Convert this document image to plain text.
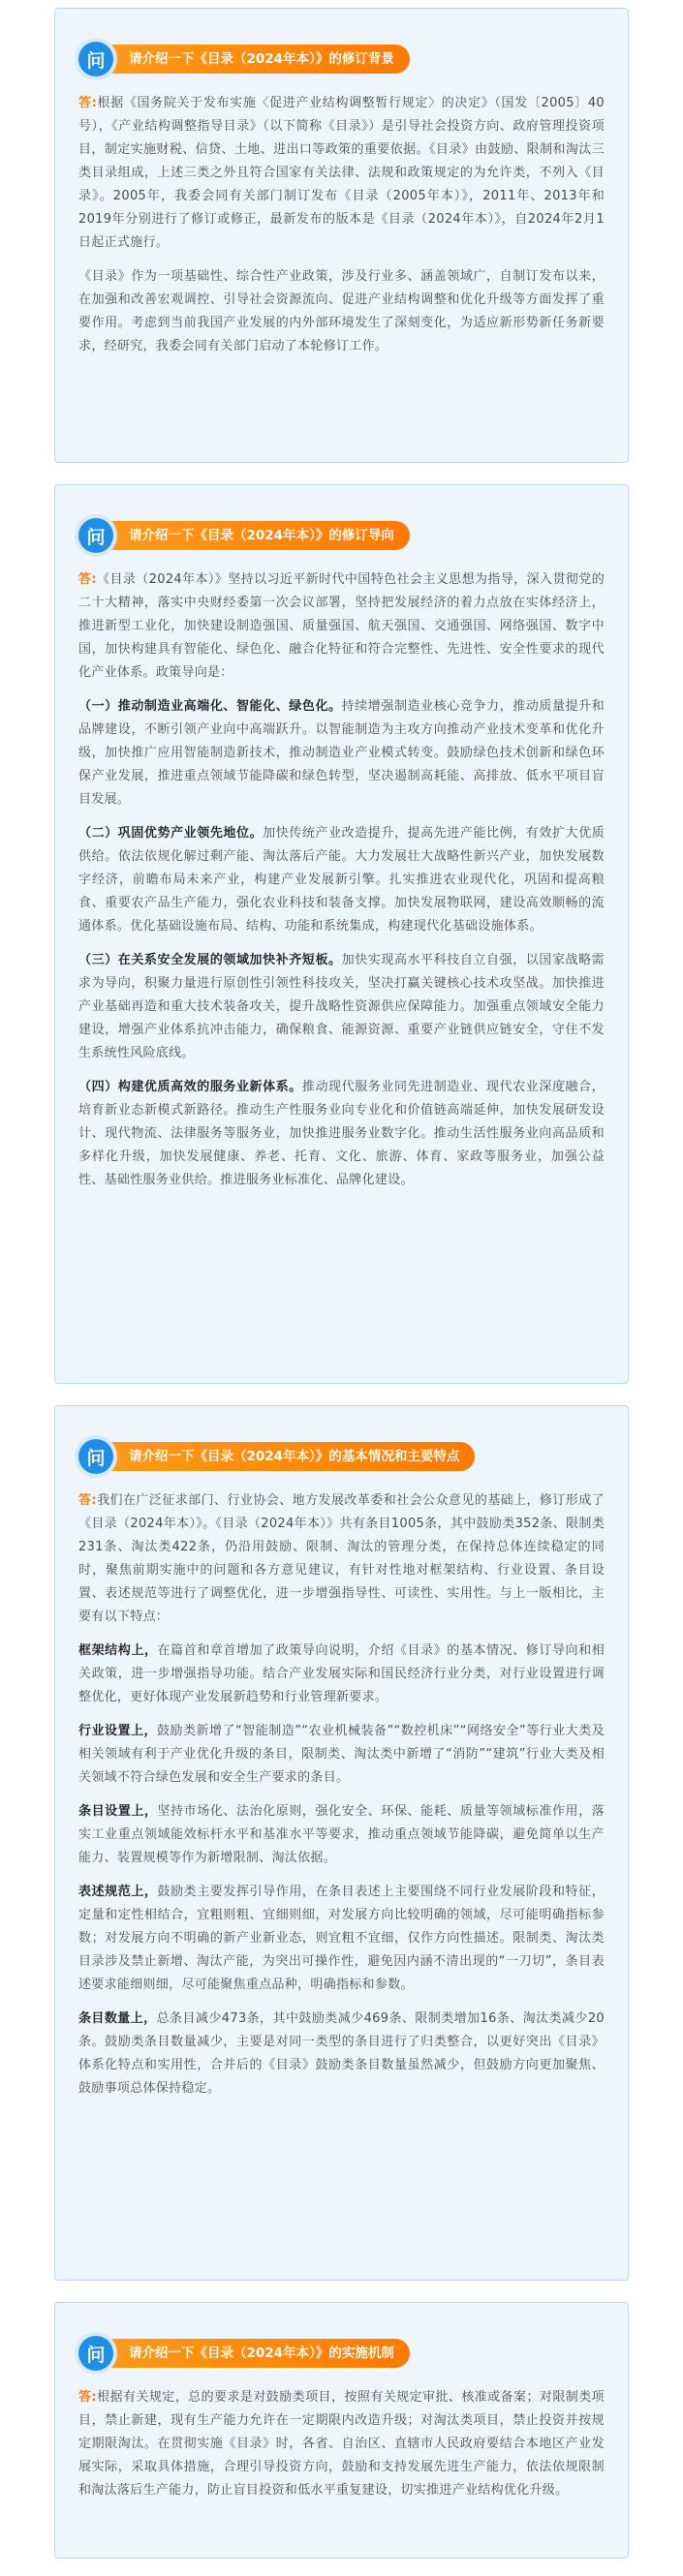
问	请介绍一下《目录（2024年本）》的修订背景

答:根据《国务院关于发布实施〈促进产业结构调整暂行规定〉的决定》（国发〔2005〕40号），《产业结构调整指导目录》（以下简称《目录》）是引导社会投资方向、政府管理投资项目，制定实施财税、信贷、土地、进出口等政策的重要依据。《目录》由鼓励、限制和淘汰三类目录组成，上述三类之外且符合国家有关法律、法规和政策规定的为允许类，不列入《目录》。2005年，我委会同有关部门制订发布《目录（2005年本）》，2011年、2013年和2019年分别进行了修订或修正，最新发布的版本是《目录（2024年本）》，自2024年2月1日起正式施行。

《目录》作为一项基础性、综合性产业政策，涉及行业多、涵盖领域广，自制订发布以来，在加强和改善宏观调控、引导社会资源流向、促进产业结构调整和优化升级等方面发挥了重要作用。考虑到当前我国产业发展的内外部环境发生了深刻变化，为适应新形势新任务新要求，经研究，我委会同有关部门启动了本轮修订工作。

问	请介绍一下《目录（2024年本）》的修订导向

答:《目录（2024年本）》坚持以习近平新时代中国特色社会主义思想为指导，深入贯彻党的二十大精神，落实中央财经委第一次会议部署，坚持把发展经济的着力点放在实体经济上，推进新型工业化，加快建设制造强国、质量强国、航天强国、交通强国、网络强国、数字中国，加快构建具有智能化、绿色化、融合化特征和符合完整性、先进性、安全性要求的现代化产业体系。政策导向是：

（一）推动制造业高端化、智能化、绿色化。持续增强制造业核心竞争力，推动质量提升和品牌建设，不断引领产业向中高端跃升。以智能制造为主攻方向推动产业技术变革和优化升级，加快推广应用智能制造新技术，推动制造业产业模式转变。鼓励绿色技术创新和绿色环保产业发展，推进重点领域节能降碳和绿色转型，坚决遏制高耗能、高排放、低水平项目盲目发展。

（二）巩固优势产业领先地位。加快传统产业改造提升，提高先进产能比例，有效扩大优质供给。依法依规化解过剩产能、淘汰落后产能。大力发展壮大战略性新兴产业，加快发展数字经济，前瞻布局未来产业，构建产业发展新引擎。扎实推进农业现代化，巩固和提高粮食、重要农产品生产能力，强化农业科技和装备支撑。加快发展物联网，建设高效顺畅的流通体系。优化基础设施布局、结构、功能和系统集成，构建现代化基础设施体系。

（三）在关系安全发展的领域加快补齐短板。加快实现高水平科技自立自强，以国家战略需求为导向，积聚力量进行原创性引领性科技攻关，坚决打赢关键核心技术攻坚战。加快推进产业基础再造和重大技术装备攻关，提升战略性资源供应保障能力。加强重点领域安全能力建设，增强产业体系抗冲击能力，确保粮食、能源资源、重要产业链供应链安全，守住不发生系统性风险底线。

（四）构建优质高效的服务业新体系。推动现代服务业同先进制造业、现代农业深度融合，培育新业态新模式新路径。推动生产性服务业向专业化和价值链高端延伸，加快发展研发设计、现代物流、法律服务等服务业，加快推进服务业数字化。推动生活性服务业向高品质和多样化升级，加快发展健康、养老、托育、文化、旅游、体育、家政等服务业，加强公益性、基础性服务业供给。推进服务业标准化、品牌化建设。

问	请介绍一下《目录（2024年本）》的基本情况和主要特点

答:我们在广泛征求部门、行业协会、地方发展改革委和社会公众意见的基础上，修订形成了《目录（2024年本）》。《目录（2024年本）》共有条目1005条，其中鼓励类352条、限制类231条、淘汰类422条，仍沿用鼓励、限制、淘汰的管理分类，在保持总体连续稳定的同时，聚焦前期实施中的问题和各方意见建议，有针对性地对框架结构、行业设置、条目设置、表述规范等进行了调整优化，进一步增强指导性、可读性、实用性。与上一版相比，主要有以下特点：

框架结构上，在篇首和章首增加了政策导向说明，介绍《目录》的基本情况、修订导向和相关政策，进一步增强指导功能。结合产业发展实际和国民经济行业分类，对行业设置进行调整优化，更好体现产业发展新趋势和行业管理新要求。

行业设置上，鼓励类新增了“智能制造”“农业机械装备”“数控机床”“网络安全”等行业大类及相关领域有利于产业优化升级的条目，限制类、淘汰类中新增了“消防”“建筑”行业大类及相关领域不符合绿色发展和安全生产要求的条目。

条目设置上，坚持市场化、法治化原则，强化安全、环保、能耗、质量等领域标准作用，落实工业重点领域能效标杆水平和基准水平等要求，推动重点领域节能降碳，避免简单以生产能力、装置规模等作为新增限制、淘汰依据。

表述规范上，鼓励类主要发挥引导作用，在条目表述上主要围绕不同行业发展阶段和特征，定量和定性相结合，宜粗则粗、宜细则细，对发展方向比较明确的领域，尽可能明确指标参数；对发展方向不明确的新产业新业态，则宜粗不宜细，仅作方向性描述。限制类、淘汰类目录涉及禁止新增、淘汰产能，为突出可操作性，避免因内涵不清出现的“一刀切”，条目表述要求能细则细，尽可能聚焦重点品种，明确指标和参数。

条目数量上，总条目减少473条，其中鼓励类减少469条、限制类增加16条、淘汰类减少20条。鼓励类条目数量减少，主要是对同一类型的条目进行了归类整合，以更好突出《目录》体系化特点和实用性，合并后的《目录》鼓励类条目数量虽然减少，但鼓励方向更加聚焦、鼓励事项总体保持稳定。

问	请介绍一下《目录（2024年本）》的实施机制

答:根据有关规定，总的要求是对鼓励类项目，按照有关规定审批、核准或备案；对限制类项目，禁止新建，现有生产能力允许在一定期限内改造升级；对淘汰类项目，禁止投资并按规定期限淘汰。在贯彻实施《目录》时，各省、自治区、直辖市人民政府要结合本地区产业发展实际，采取具体措施，合理引导投资方向，鼓励和支持发展先进生产能力，依法依规限制和淘汰落后生产能力，防止盲目投资和低水平重复建设，切实推进产业结构优化升级。
